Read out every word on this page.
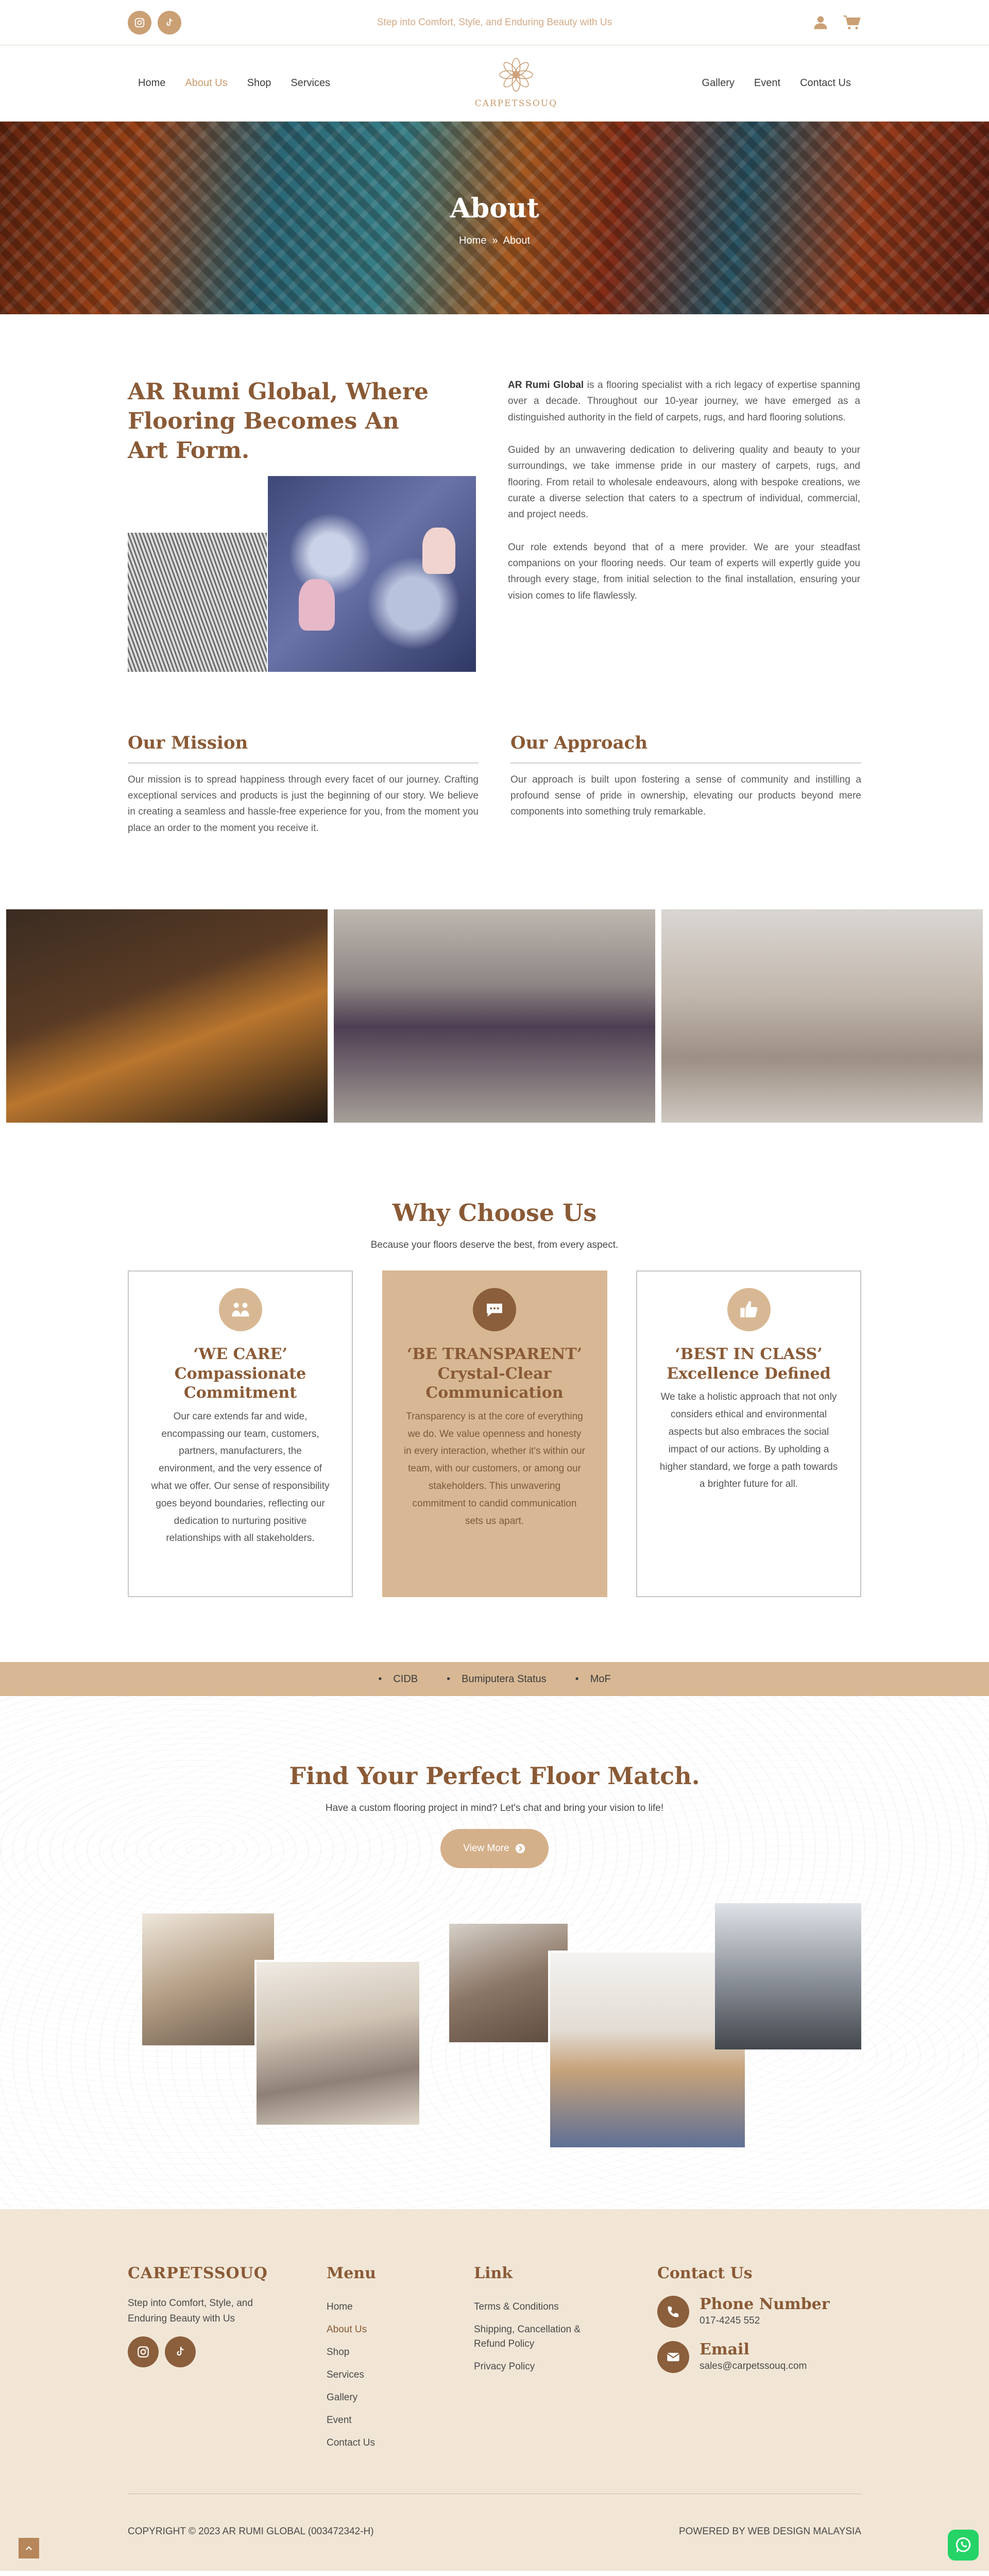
Step into Comfort, Style, and Enduring Beauty with Us
Home About Us Shop Services
CARPETSSOUQ
Gallery Event Contact Us
About
Home » About
AR Rumi Global, Where Flooring Becomes An Art Form.

AR Rumi Global is a flooring specialist with a rich legacy of expertise spanning over a decade. Throughout our 10-year journey, we have emerged as a distinguished authority in the field of carpets, rugs, and hard flooring solutions.

Guided by an unwavering dedication to delivering quality and beauty to your surroundings, we take immense pride in our mastery of carpets, rugs, and flooring. From retail to wholesale endeavours, along with bespoke creations, we curate a diverse selection that caters to a spectrum of individual, commercial, and project needs.

Our role extends beyond that of a mere provider. We are your steadfast companions on your flooring needs. Our team of experts will expertly guide you through every stage, from initial selection to the final installation, ensuring your vision comes to life flawlessly.

Our Mission

Our mission is to spread happiness through every facet of our journey. Crafting exceptional services and products is just the beginning of our story. We believe in creating a seamless and hassle-free experience for you, from the moment you place an order to the moment you receive it.

Our Approach

Our approach is built upon fostering a sense of community and instilling a profound sense of pride in ownership, elevating our products beyond mere components into something truly remarkable.

Why Choose Us
Because your floors deserve the best, from every aspect.
‘WE CARE’
Compassionate Commitment

Our care extends far and wide, encompassing our team, customers, partners, manufacturers, the environment, and the very essence of what we offer. Our sense of responsibility goes beyond boundaries, reflecting our dedication to nurturing positive relationships with all stakeholders.

‘BE TRANSPARENT’
Crystal-Clear Communication

Transparency is at the core of everything we do. We value openness and honesty in every interaction, whether it's within our team, with our customers, or among our stakeholders. This unwavering commitment to candid communication sets us apart.

‘BEST IN CLASS’
Excellence Defined

We take a holistic approach that not only considers ethical and environmental aspects but also embraces the social impact of our actions. By upholding a higher standard, we forge a path towards a brighter future for all.

• CIDB	• Bumiputera Status	• MoF
Find Your Perfect Floor Match.
Have a custom flooring project in mind? Let's chat and bring your vision to life!
View More
CARPETSSOUQ
Step into Comfort, Style, and Enduring Beauty with Us
Menu
Home
About Us
Shop
Services
Gallery
Event
Contact Us
Link
Terms & Conditions
Shipping, Cancellation & Refund Policy
Privacy Policy
Contact Us
Phone Number
017-4245 552
Email
sales@carpetssouq.com
COPYRIGHT © 2023 AR RUMI GLOBAL (003472342-H)	POWERED BY WEB DESIGN MALAYSIA
